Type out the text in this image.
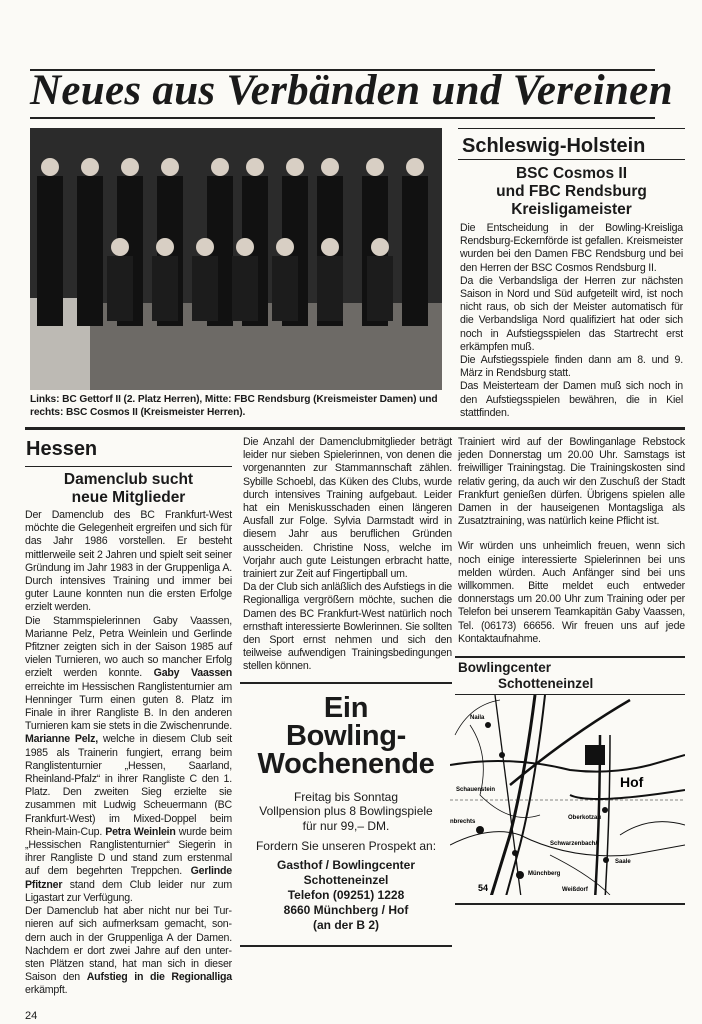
Neues aus Verbänden und Vereinen
Links: BC Gettorf II (2. Platz Herren), Mitte: FBC Rendsburg (Kreismeister Damen) und rechts: BSC Cosmos II (Kreismeister Herren).
Schleswig-Holstein
BSC Cosmos II
und FBC Rendsburg
Kreisligameister

Die Entscheidung in der Bowling-Kreisliga Rendsburg-Eckernförde ist gefallen. Kreismeister wurden bei den Damen FBC Rendsburg und bei den Herren der BSC Cosmos Rendsburg II.

Da die Verbandsliga der Herren zur nächsten Saison in Nord und Süd aufgeteilt wird, ist noch nicht raus, ob sich der Meister automatisch für die Verbandsliga Nord qualifiziert hat oder sich noch in Aufstiegsspielen das Startrecht erst erkämpfen muß.

Die Aufstiegsspiele finden dann am 8. und 9. März in Rendsburg statt.

Das Meisterteam der Damen muß sich noch in den Aufstiegsspielen bewähren, die in Kiel stattfinden.

Hessen
Damenclub sucht
neue Mitglieder

Der Damenclub des BC Frankfurt-West möchte die Gelegenheit ergreifen und sich für das Jahr 1986 vorstellen. Er besteht mittlerweile seit 2 Jahren und spielt seit seiner Gründung im Jahr 1983 in der Gruppenliga A. Durch intensives Training und immer bei guter Laune konnten nun die ersten Erfolge erzielt werden.

Die Stammspielerinnen Gaby Vaassen, Marianne Pelz, Petra Weinlein und Gerlinde Pfitzner zeigten sich in der Saison 1985 auf vielen Turnieren, wo auch so mancher Erfolg erzielt werden konnte. Gaby Vaassen erreichte im Hessischen Ranglistenturnier am Henninger Turm einen guten 8. Platz im Finale in ihrer Rangliste B. In den anderen Turnieren kam sie stets in die Zwischenrunde. Marianne Pelz, welche in diesem Club seit 1985 als Trainerin fungiert, errang beim Ranglistenturnier „Hessen, Saarland, Rheinland-Pfalz“ in ihrer Rangliste C den 1. Platz. Den zweiten Sieg erzielte sie zusammen mit Ludwig Scheuermann (BC Frankfurt-West) im Mixed-Doppel beim Rhein-Main-Cup. Petra Weinlein wurde beim „Hessischen Ranglistenturnier“ Siegerin in ihrer Rangliste D und stand zum erstenmal auf dem begehrten Treppchen. Gerlinde Pfitzner stand dem Club leider nur zum Ligastart zur Verfügung.

Der Damenclub hat aber nicht nur bei Turnieren auf sich aufmerksam gemacht, sondern auch in der Gruppenliga A der Damen. Nachdem er dort zwei Jahre auf den untersten Plätzen stand, hat man sich in dieser Saison den Aufstieg in die Regionalliga erkämpft.

24

Die Anzahl der Damenclubmitglieder beträgt leider nur sieben Spielerinnen, von denen die vorgenannten zur Stammannschaft zählen. Sybille Schoebl, das Küken des Clubs, wurde durch intensives Training aufgebaut. Leider hat ein Meniskusschaden einen längeren Ausfall zur Folge. Sylvia Darmstadt wird in diesem Jahr aus beruflichen Gründen ausscheiden. Christine Noss, welche im Vorjahr auch gute Leistungen erbracht hatte, trainiert zur Zeit auf Fingertipball um.

Da der Club sich anläßlich des Aufstiegs in die Regionalliga vergrößern möchte, suchen die Damen des BC Frankfurt-West natürlich noch ernsthaft interessierte Bowlerinnen. Sie sollten den Sport ernst nehmen und sich den teilweise aufwendigen Trainingsbedingungen stellen können.

Ein
Bowling-
Wochenende
Freitag bis Sonntag
Vollpension plus 8 Bowlingspiele
für nur 99,– DM.
Fordern Sie unseren Prospekt an:
Gasthof / Bowlingcenter
Schotteneinzel
Telefon (09251) 1228
8660 Münchberg / Hof
(an der B 2)

Trainiert wird auf der Bowlinganlage Rebstock jeden Donnerstag um 20.00 Uhr. Samstags ist freiwilliger Trainingstag. Die Trainingskosten sind relativ gering, da auch wir den Zuschuß der Stadt Frankfurt genießen dürfen. Übrigens spielen alle Damen in der hauseigenen Montagsliga als Zusatztraining, was natürlich keine Pflicht ist.

Wir würden uns unheimlich freuen, wenn sich noch einige interessierte Spielerinnen bei uns melden würden. Auch Anfänger sind bei uns willkommen. Bitte meldet euch entweder donnerstags um 20.00 Uhr zum Training oder per Telefon bei unserem Teamkapitän Gaby Vaassen, Tel. (06173) 66656. Wir freuen uns auf jede Kontaktaufnahme.

Bowlingcenter
Schotteneinzel
Naila
Hof
Schauenstein
nbrechts
Oberkotzau
Schwarzenbach/
Saale
Weißdorf
Münchberg
54
